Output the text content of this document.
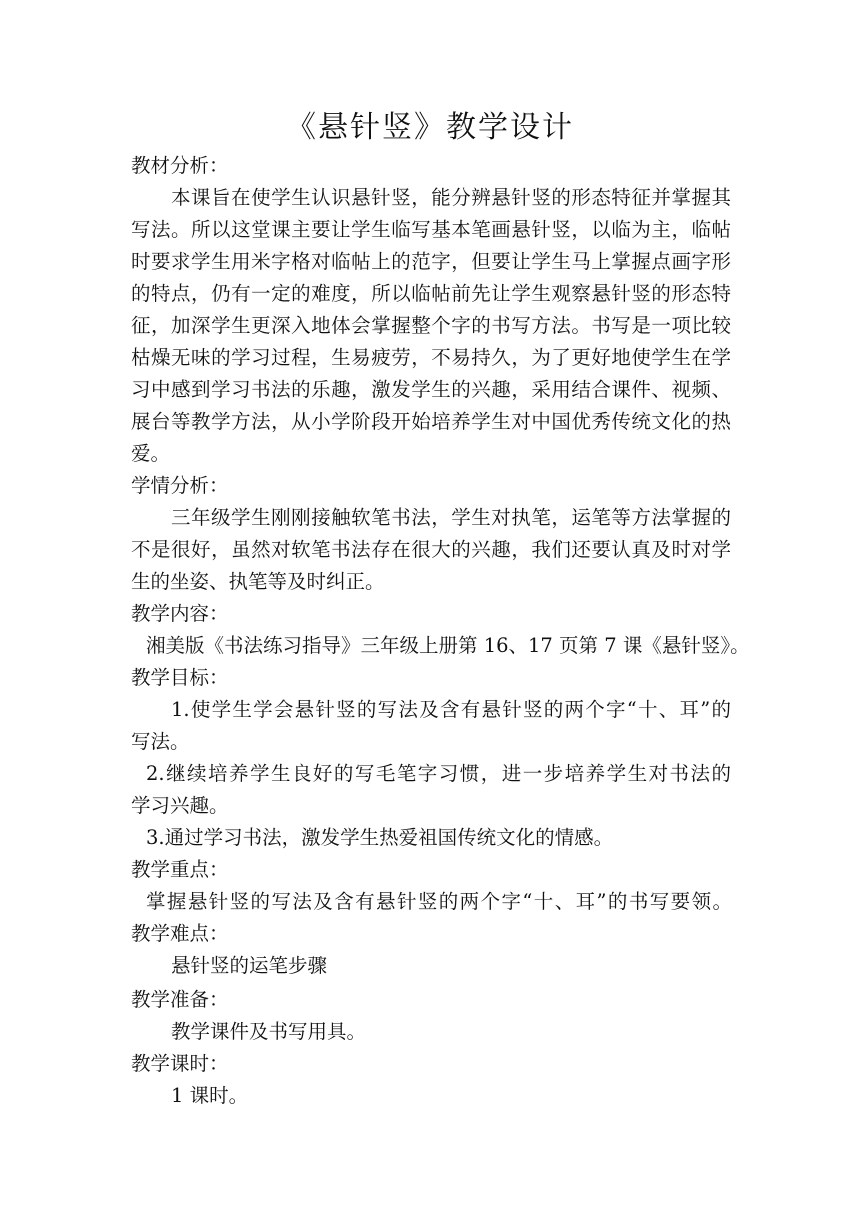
《悬针竖》教学设计
教材分析：
本课旨在使学生认识悬针竖，能分辨悬针竖的形态特征并掌握其
写法。所以这堂课主要让学生临写基本笔画悬针竖，以临为主，临帖
时要求学生用米字格对临帖上的范字，但要让学生马上掌握点画字形
的特点，仍有一定的难度，所以临帖前先让学生观察悬针竖的形态特
征，加深学生更深入地体会掌握整个字的书写方法。书写是一项比较
枯燥无味的学习过程，生易疲劳，不易持久，为了更好地使学生在学
习中感到学习书法的乐趣，激发学生的兴趣，采用结合课件、视频、
展台等教学方法，从小学阶段开始培养学生对中国优秀传统文化的热
爱。
学情分析：
三年级学生刚刚接触软笔书法，学生对执笔，运笔等方法掌握的
不是很好，虽然对软笔书法存在很大的兴趣，我们还要认真及时对学
生的坐姿、执笔等及时纠正。
教学内容：
湘美版《书法练习指导》三年级上册第 16、17 页第 7 课《悬针竖》。
教学目标：
1.使学生学会悬针竖的写法及含有悬针竖的两个字“十、耳”的
写法。
2.继续培养学生良好的写毛笔字习惯，进一步培养学生对书法的
学习兴趣。
3.通过学习书法，激发学生热爱祖国传统文化的情感。
教学重点：
掌握悬针竖的写法及含有悬针竖的两个字“十、耳”的书写要领。
教学难点：
悬针竖的运笔步骤
教学准备：
教学课件及书写用具。
教学课时：
1 课时。
